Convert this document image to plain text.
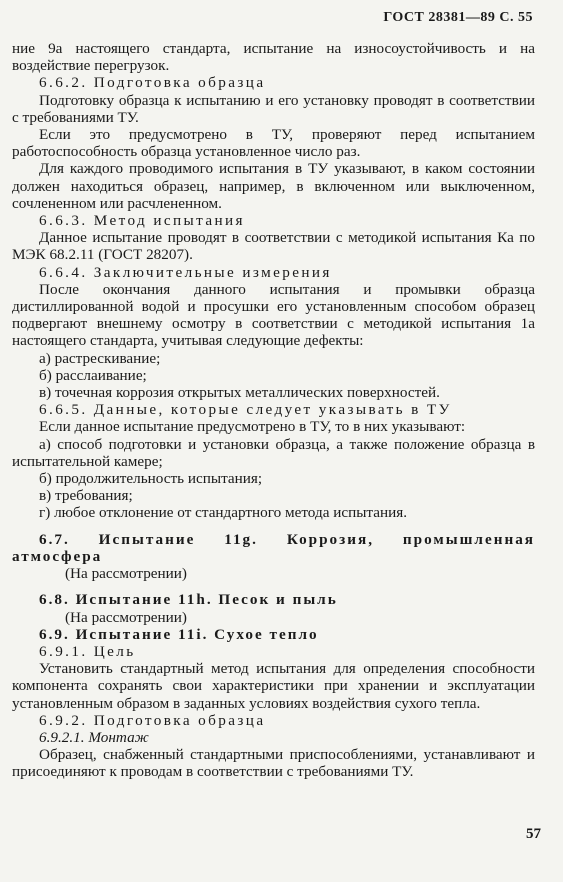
ГОСТ 28381—89 С. 55

ние 9a настоящего стандарта, испытание на износоустойчивость и на воздействие перегрузок.

6.6.2. Подготовка образца

Подготовку образца к испытанию и его установку проводят в соответствии с требованиями ТУ.

Если это предусмотрено в ТУ, проверяют перед испытанием работоспособность образца установленное число раз.

Для каждого проводимого испытания в ТУ указывают, в каком состоянии должен находиться образец, например, в включенном или выключенном, сочлененном или расчлененном.

6.6.3. Метод испытания

Данное испытание проводят в соответствии с методикой испытания Ка по МЭК 68.2.11 (ГОСТ 28207).

6.6.4. Заключительные измерения

После окончания данного испытания и промывки образца дистиллированной водой и просушки его установленным способом образец подвергают внешнему осмотру в соответствии с методикой испытания 1a настоящего стандарта, учитывая следующие дефекты:

а) растрескивание;

б) расслаивание;

в) точечная коррозия открытых металлических поверхностей.

6.6.5. Данные, которые следует указывать в ТУ

Если данное испытание предусмотрено в ТУ, то в них указывают:

а) способ подготовки и установки образца, а также положение образца в испытательной камере;

б) продолжительность испытания;

в) требования;

г) любое отклонение от стандартного метода испытания.

6.7. Испытание 11g. Коррозия, промышленная атмосфера

(На рассмотрении)

6.8. Испытание 11h. Песок и пыль

(На рассмотрении)

6.9. Испытание 11i. Сухое тепло

6.9.1. Цель

Установить стандартный метод испытания для определения способности компонента сохранять свои характеристики при хранении и эксплуатации установленным образом в заданных условиях воздействия сухого тепла.

6.9.2. Подготовка образца

6.9.2.1. Монтаж

Образец, снабженный стандартными приспособлениями, устанавливают и присоединяют к проводам в соответствии с требованиями ТУ.

57
